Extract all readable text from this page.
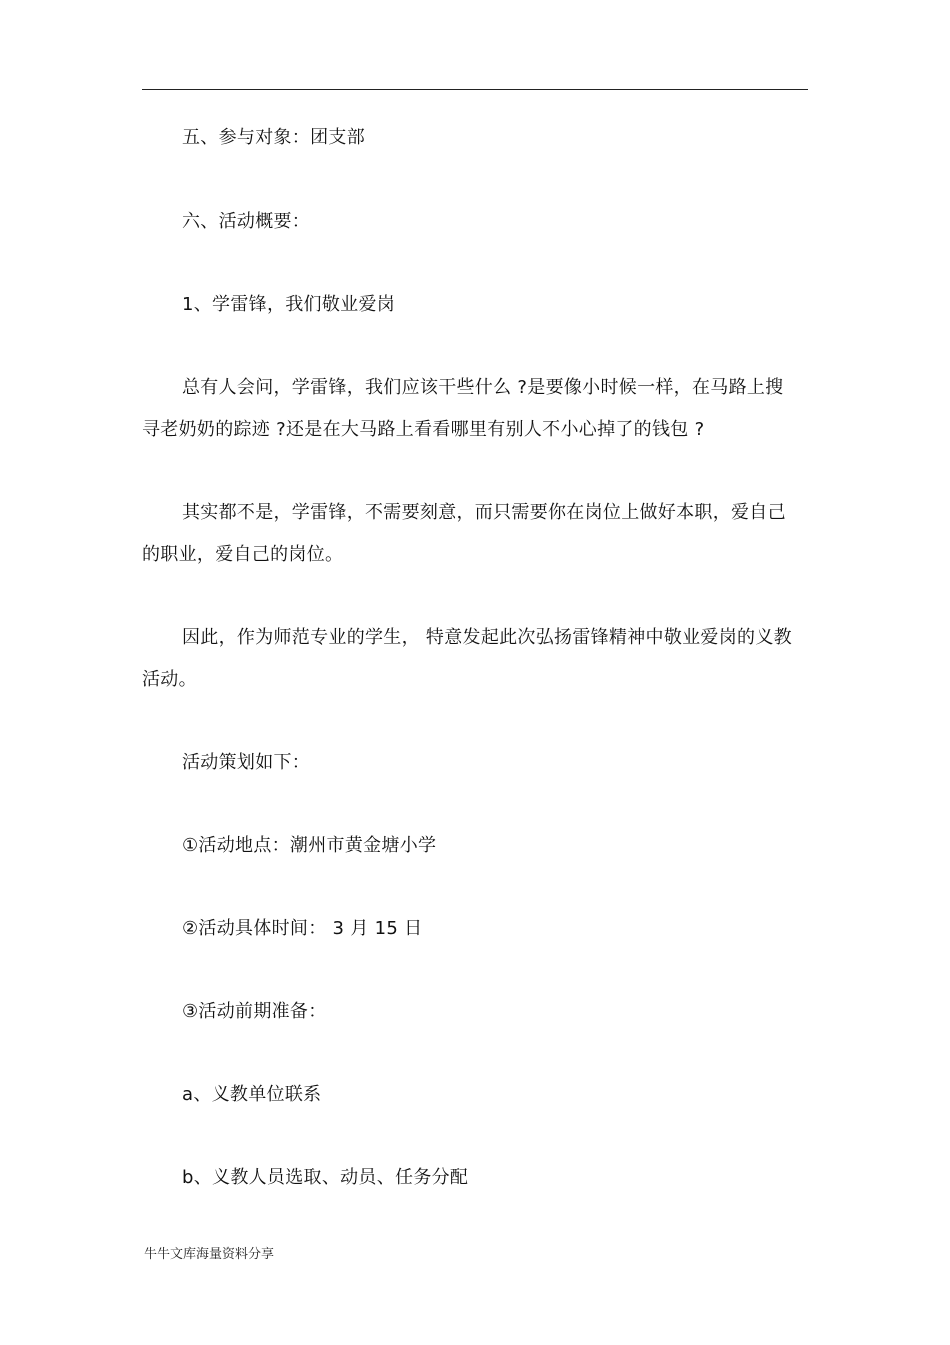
五、参与对象：团支部
六、活动概要：
1、学雷锋，我们敬业爱岗
总有人会问，学雷锋，我们应该干些什么 ?是要像小时候一样，在马路上搜
寻老奶奶的踪迹 ?还是在大马路上看看哪里有别人不小心掉了的钱包 ?
其实都不是，学雷锋，不需要刻意，而只需要你在岗位上做好本职，爱自己
的职业，爱自己的岗位。
因此，作为师范专业的学生， 特意发起此次弘扬雷锋精神中敬业爱岗的义教
活动。
活动策划如下：
①活动地点：潮州市黄金塘小学
②活动具体时间： 3 月 15 日
③活动前期准备：
a、义教单位联系
b、义教人员选取、动员、任务分配
牛牛文库海量资料分享
